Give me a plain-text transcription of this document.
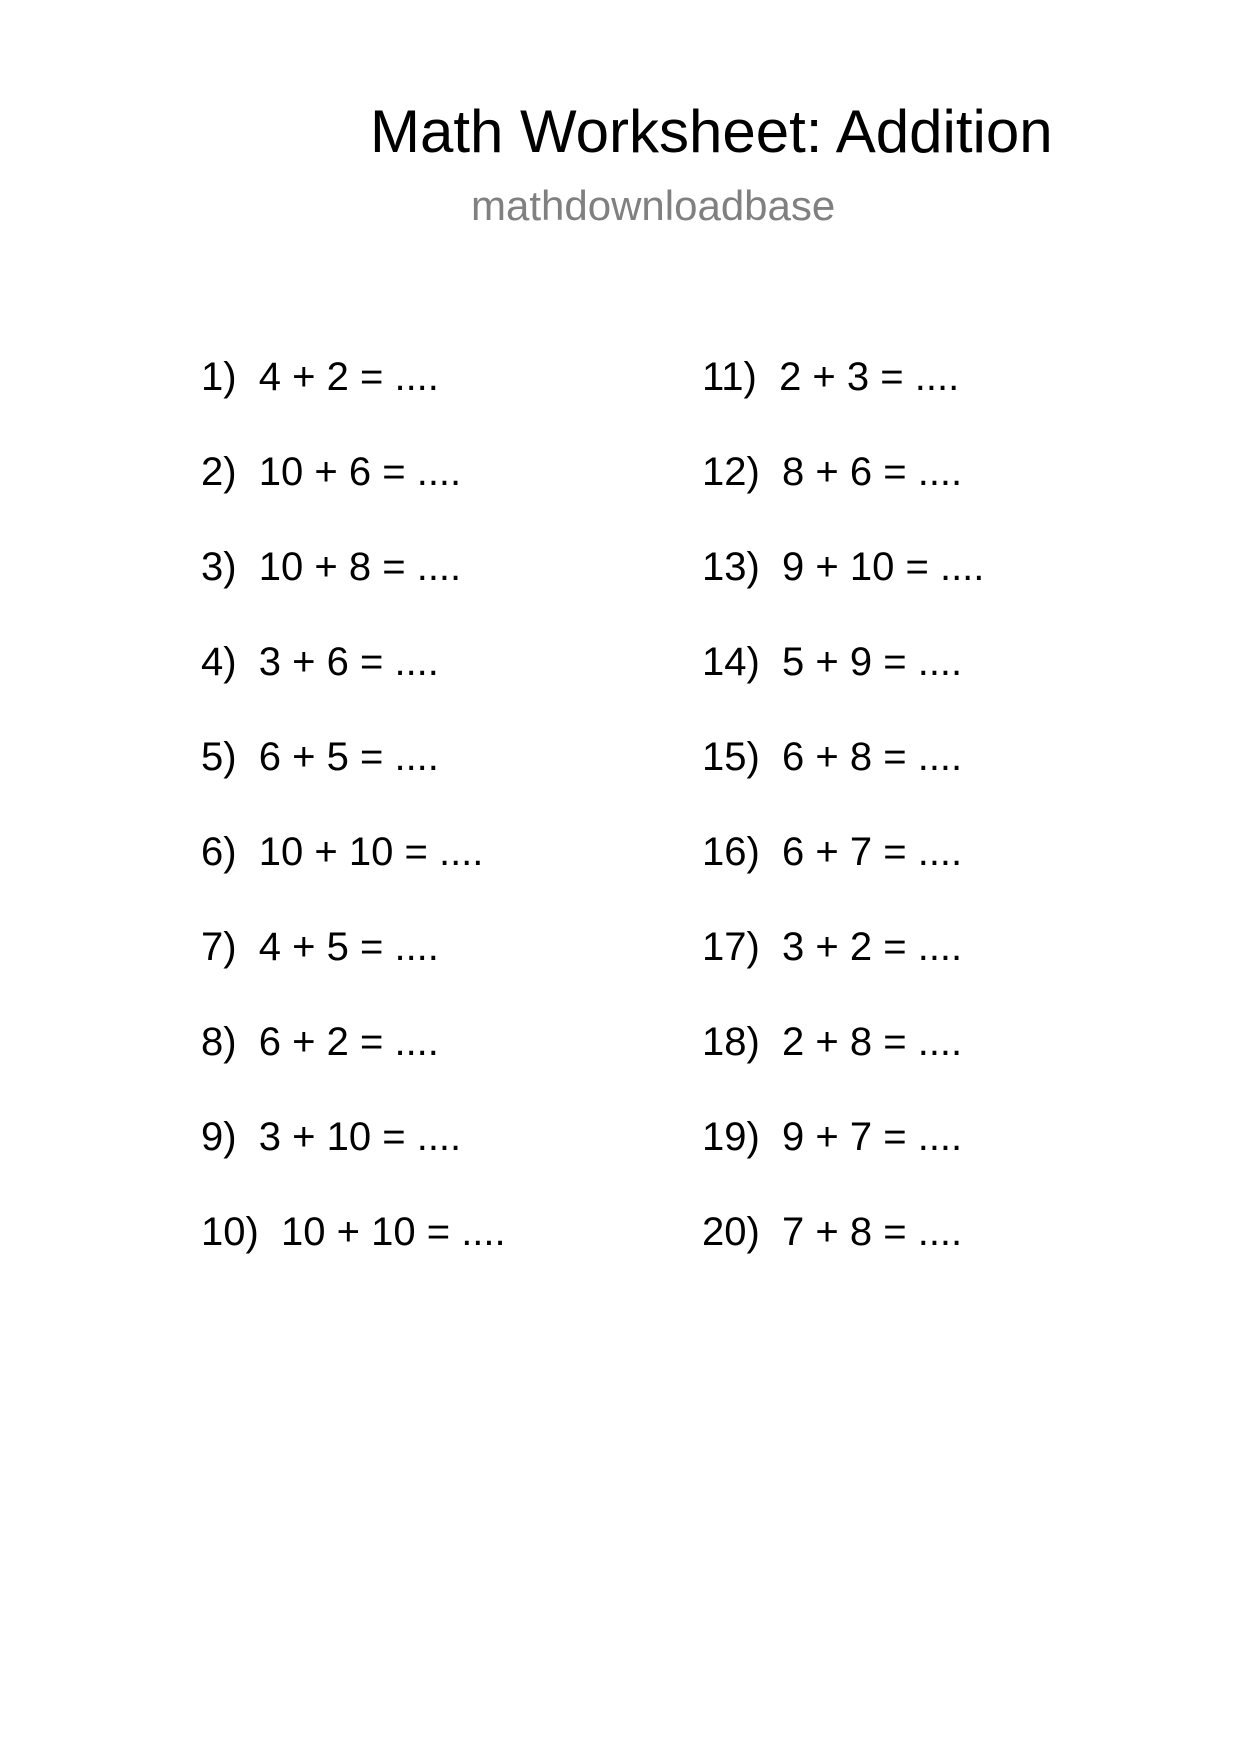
Math Worksheet: Addition
mathdownloadbase
1)  4 + 2 = ....
2)  10 + 6 = ....
3)  10 + 8 = ....
4)  3 + 6 = ....
5)  6 + 5 = ....
6)  10 + 10 = ....
7)  4 + 5 = ....
8)  6 + 2 = ....
9)  3 + 10 = ....
10)  10 + 10 = ....
11)  2 + 3 = ....
12)  8 + 6 = ....
13)  9 + 10 = ....
14)  5 + 9 = ....
15)  6 + 8 = ....
16)  6 + 7 = ....
17)  3 + 2 = ....
18)  2 + 8 = ....
19)  9 + 7 = ....
20)  7 + 8 = ....
